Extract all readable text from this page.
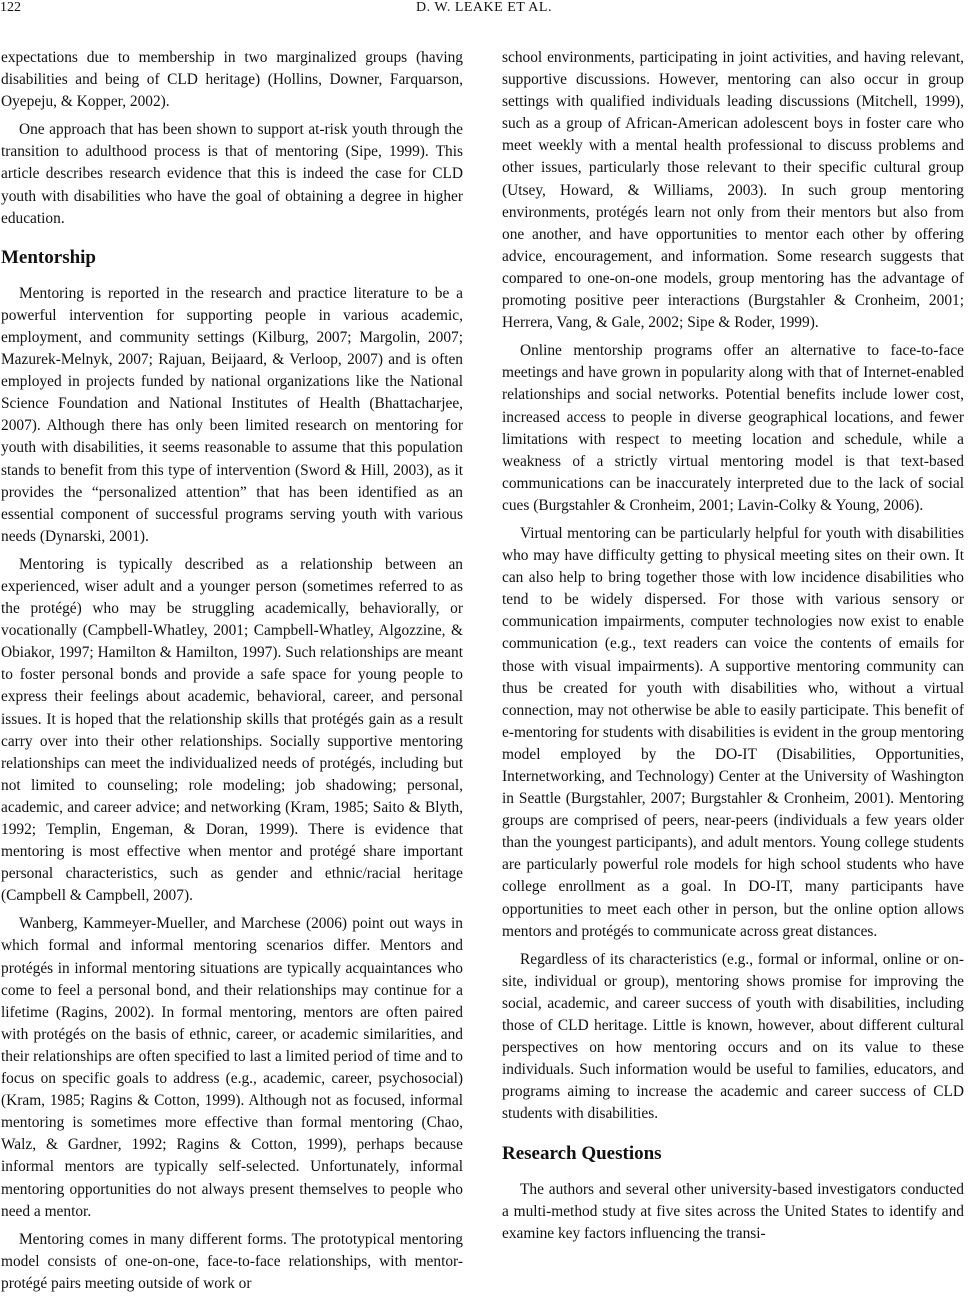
122	D. W. LEAKE ET AL.

expectations due to membership in two marginalized groups (having disabilities and being of CLD heritage) (Hollins, Downer, Farquarson, Oyepeju, & Kopper, 2002).

One approach that has been shown to support at-risk youth through the transition to adulthood process is that of mentoring (Sipe, 1999). This article describes research evidence that this is indeed the case for CLD youth with disabilities who have the goal of obtaining a degree in higher education.

Mentorship

Mentoring is reported in the research and practice literature to be a powerful intervention for supporting people in various academic, employment, and community settings (Kilburg, 2007; Margolin, 2007; Mazurek-Melnyk, 2007; Rajuan, Beijaard, & Verloop, 2007) and is often employed in projects funded by national organizations like the National Science Foundation and National Institutes of Health (Bhattacharjee, 2007). Although there has only been limited research on mentoring for youth with disabilities, it seems reasonable to assume that this population stands to benefit from this type of intervention (Sword & Hill, 2003), as it provides the “personalized attention” that has been identified as an essential component of successful programs serving youth with various needs (Dynarski, 2001).

Mentoring is typically described as a relationship between an experienced, wiser adult and a younger person (sometimes referred to as the protégé) who may be struggling academically, behaviorally, or vocationally (Campbell-Whatley, 2001; Campbell-Whatley, Algozzine, & Obiakor, 1997; Hamilton & Hamilton, 1997). Such relationships are meant to foster personal bonds and provide a safe space for young people to express their feelings about academic, behavioral, career, and personal issues. It is hoped that the relationship skills that protégés gain as a result carry over into their other relationships. Socially supportive mentoring relationships can meet the individualized needs of protégés, including but not limited to counseling; role modeling; job shadowing; personal, academic, and career advice; and networking (Kram, 1985; Saito & Blyth, 1992; Templin, Engeman, & Doran, 1999). There is evidence that mentoring is most effective when mentor and protégé share important personal characteristics, such as gender and ethnic/racial heritage (Campbell & Campbell, 2007).

Wanberg, Kammeyer-Mueller, and Marchese (2006) point out ways in which formal and informal mentoring scenarios differ. Mentors and protégés in informal mentoring situations are typically acquaintances who come to feel a personal bond, and their relationships may continue for a lifetime (Ragins, 2002). In formal mentoring, mentors are often paired with protégés on the basis of ethnic, career, or academic similarities, and their relationships are often specified to last a limited period of time and to focus on specific goals to address (e.g., academic, career, psychosocial) (Kram, 1985; Ragins & Cotton, 1999). Although not as focused, informal mentoring is sometimes more effective than formal mentoring (Chao, Walz, & Gardner, 1992; Ragins & Cotton, 1999), perhaps because informal mentors are typically self-selected. Unfortunately, informal mentoring opportunities do not always present themselves to people who need a mentor.

Mentoring comes in many different forms. The prototypical mentoring model consists of one-on-one, face-to-face relationships, with mentor-protégé pairs meeting outside of work or

school environments, participating in joint activities, and having relevant, supportive discussions. However, mentoring can also occur in group settings with qualified individuals leading discussions (Mitchell, 1999), such as a group of African-American adolescent boys in foster care who meet weekly with a mental health professional to discuss problems and other issues, particularly those relevant to their specific cultural group (Utsey, Howard, & Williams, 2003). In such group mentoring environments, protégés learn not only from their mentors but also from one another, and have opportunities to mentor each other by offering advice, encouragement, and information. Some research suggests that compared to one-on-one models, group mentoring has the advantage of promoting positive peer interactions (Burgstahler & Cronheim, 2001; Herrera, Vang, & Gale, 2002; Sipe & Roder, 1999).

Online mentorship programs offer an alternative to face-to-face meetings and have grown in popularity along with that of Internet-enabled relationships and social networks. Potential benefits include lower cost, increased access to people in diverse geographical locations, and fewer limitations with respect to meeting location and schedule, while a weakness of a strictly virtual mentoring model is that text-based communications can be inaccurately interpreted due to the lack of social cues (Burgstahler & Cronheim, 2001; Lavin-Colky & Young, 2006).

Virtual mentoring can be particularly helpful for youth with disabilities who may have difficulty getting to physical meeting sites on their own. It can also help to bring together those with low incidence disabilities who tend to be widely dispersed. For those with various sensory or communication impairments, computer technologies now exist to enable communication (e.g., text readers can voice the contents of emails for those with visual impairments). A supportive mentoring community can thus be created for youth with disabilities who, without a virtual connection, may not otherwise be able to easily participate. This benefit of e-mentoring for students with disabilities is evident in the group mentoring model employed by the DO-IT (Disabilities, Opportunities, Internetworking, and Technology) Center at the University of Washington in Seattle (Burgstahler, 2007; Burgstahler & Cronheim, 2001). Mentoring groups are comprised of peers, near-peers (individuals a few years older than the youngest participants), and adult mentors. Young college students are particularly powerful role models for high school students who have college enrollment as a goal. In DO-IT, many participants have opportunities to meet each other in person, but the online option allows mentors and protégés to communicate across great distances.

Regardless of its characteristics (e.g., formal or informal, online or on-site, individual or group), mentoring shows promise for improving the social, academic, and career success of youth with disabilities, including those of CLD heritage. Little is known, however, about different cultural perspectives on how mentoring occurs and on its value to these individuals. Such information would be useful to families, educators, and programs aiming to increase the academic and career success of CLD students with disabilities.

Research Questions

The authors and several other university-based investigators conducted a multi-method study at five sites across the United States to identify and examine key factors influencing the transi-
